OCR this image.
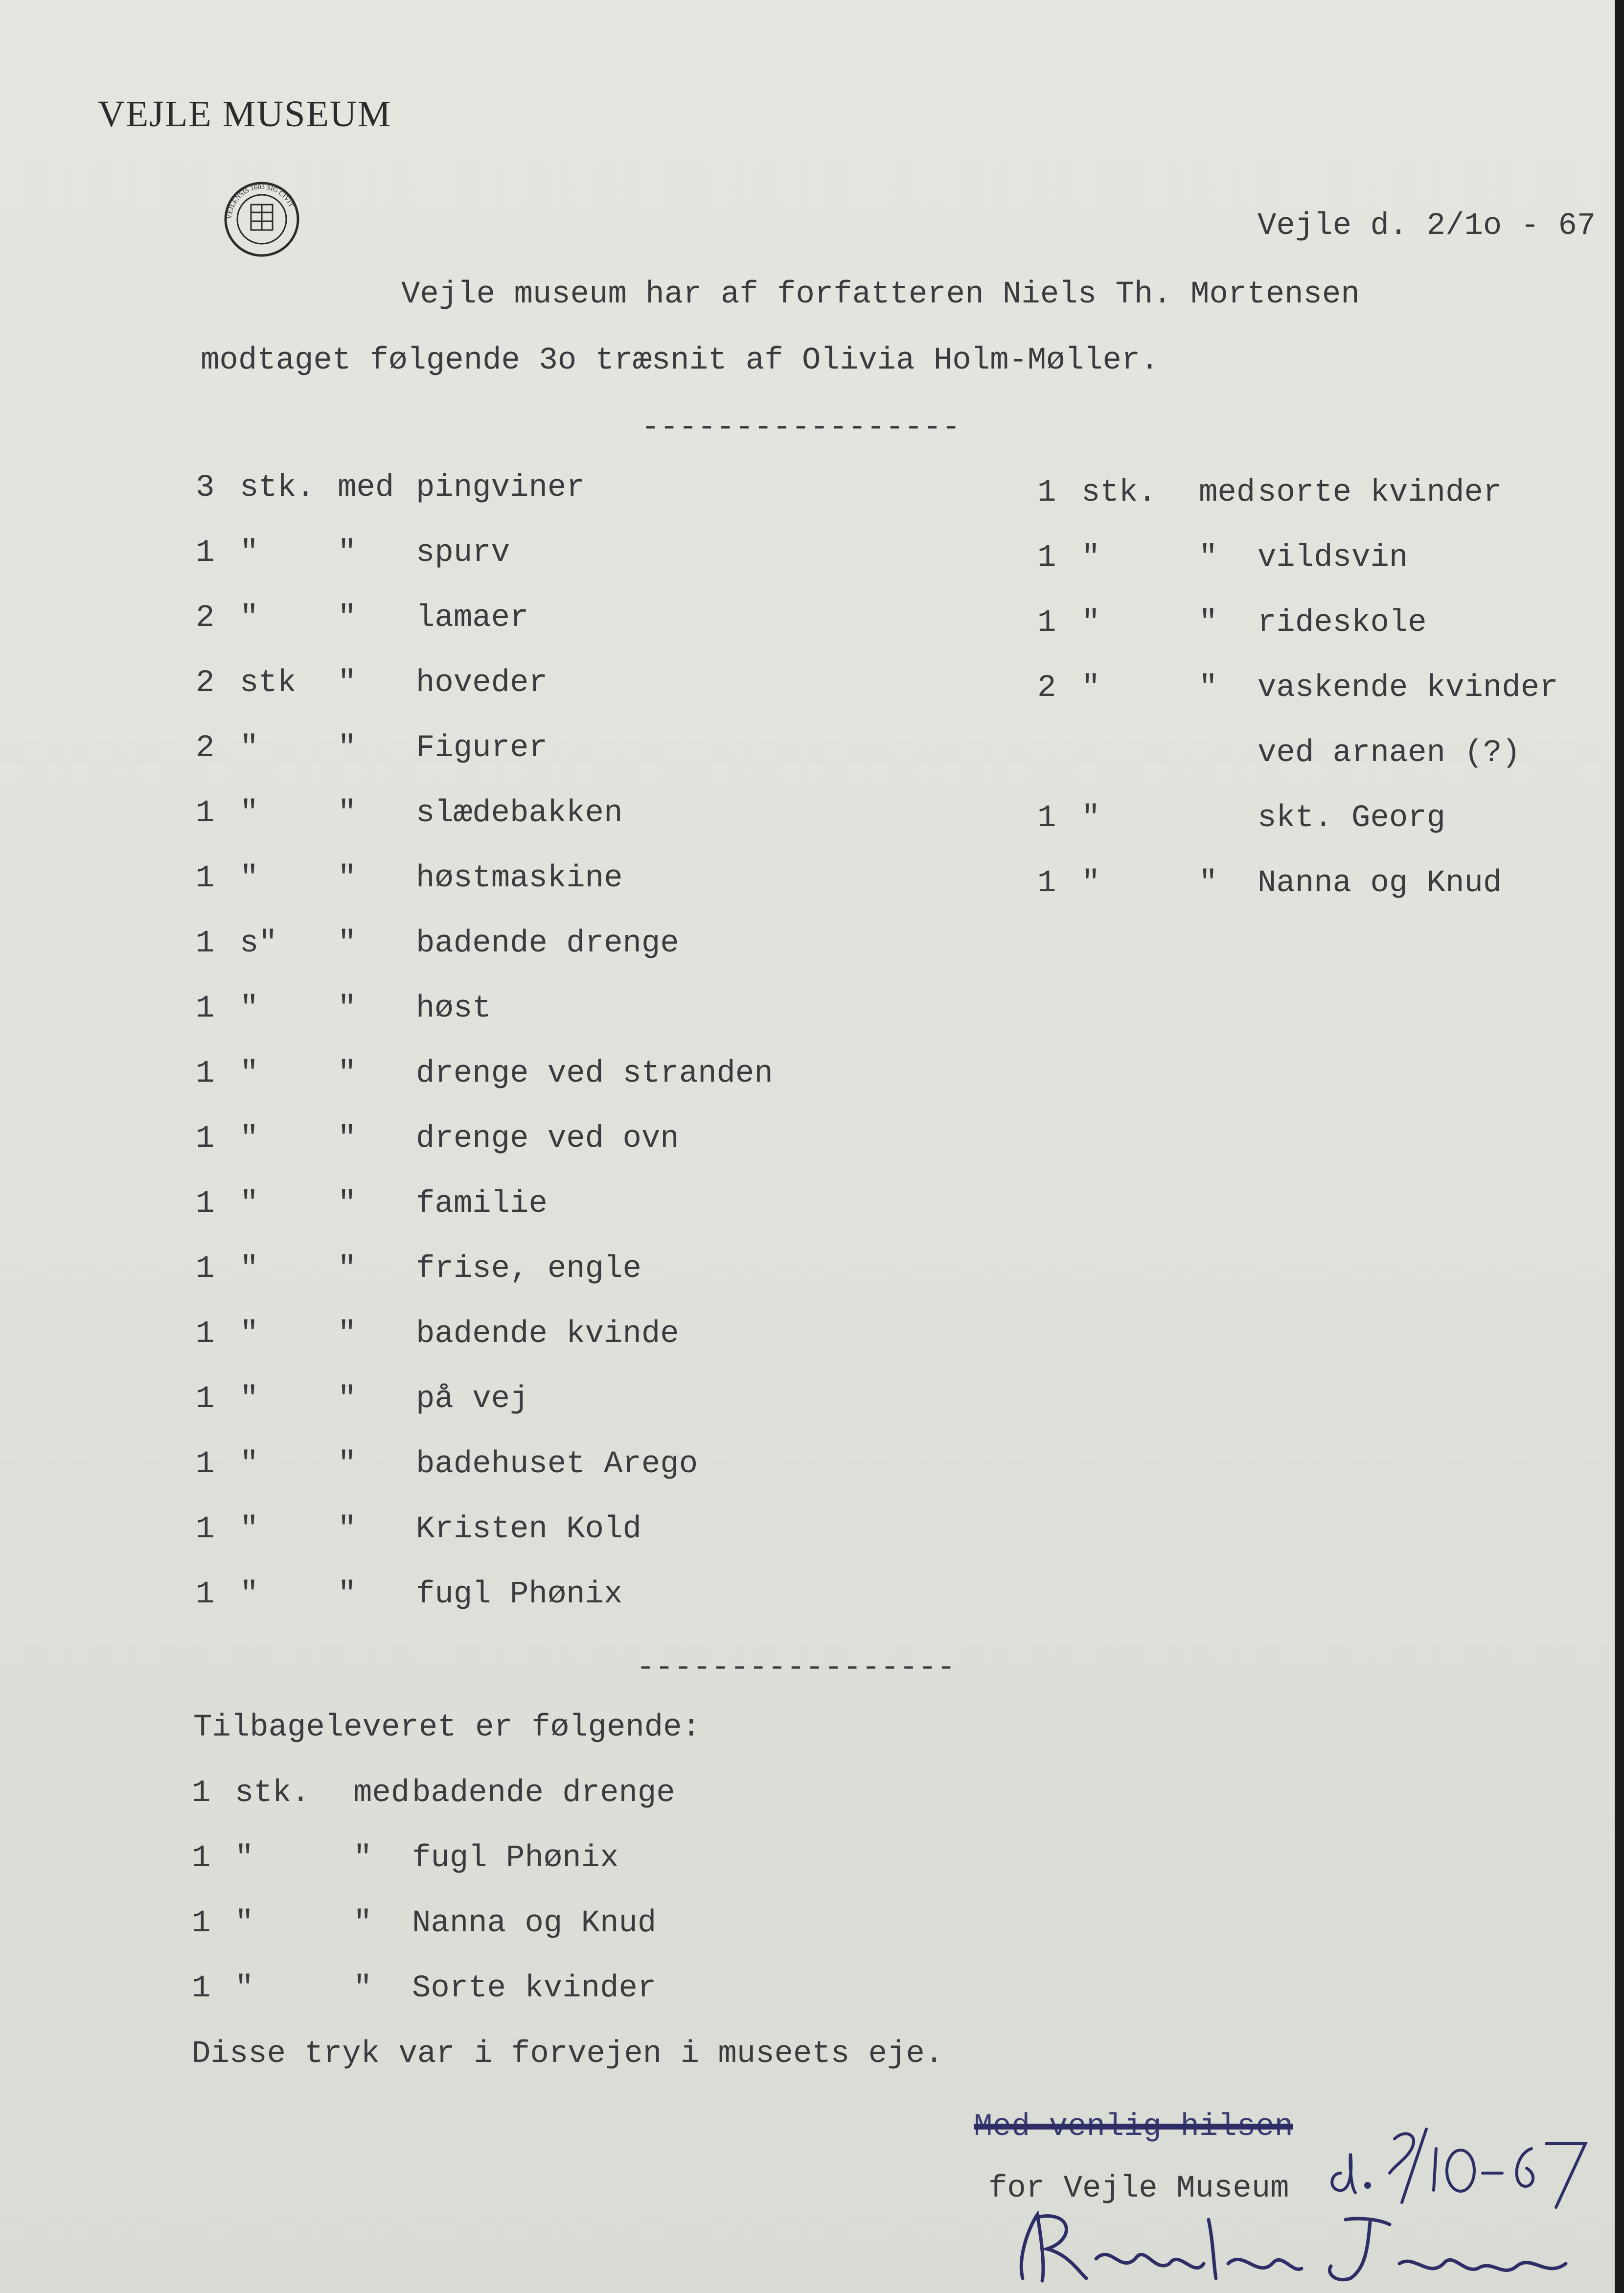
VEJLE MUSEUM
VEJLENSIS 1603 SIG CIVIT
Vejle d. 2/1o - 67
Vejle museum har af forfatteren Niels Th. Mortensen
modtaget følgende 3o træsnit af Olivia Holm-Møller.
-----------------
3 stk. med pingviner
1 "	" spurv
2 "	" lamaer
2 stk " hoveder
2 "	" Figurer
1 "	" slædebakken
1 "	" høstmaskine
1 s" " badende drenge
1 "	" høst
1 "	" drenge ved stranden
1 "	" drenge ved ovn
1 "	" familie
1 "	" frise, engle
1 "	" badende kvinde
1 "	" på vej
1 "	" badehuset Arego
1 "	" Kristen Kold
1 "	" fugl Phønix
1 stk. med sorte kvinder
1 "	" vildsvin
1 "	" rideskole
2 "	" vaskende kvinder
ved arnaen (?)
1 "	skt. Georg
1 "	" Nanna og Knud
-----------------
Tilbageleveret er følgende:
1 stk. med badende drenge
1 "	" fugl Phønix
1 "	" Nanna og Knud
1 "	" Sorte kvinder
Disse tryk var i forvejen i museets eje.
Med venlig hilsen
for Vejle Museum
